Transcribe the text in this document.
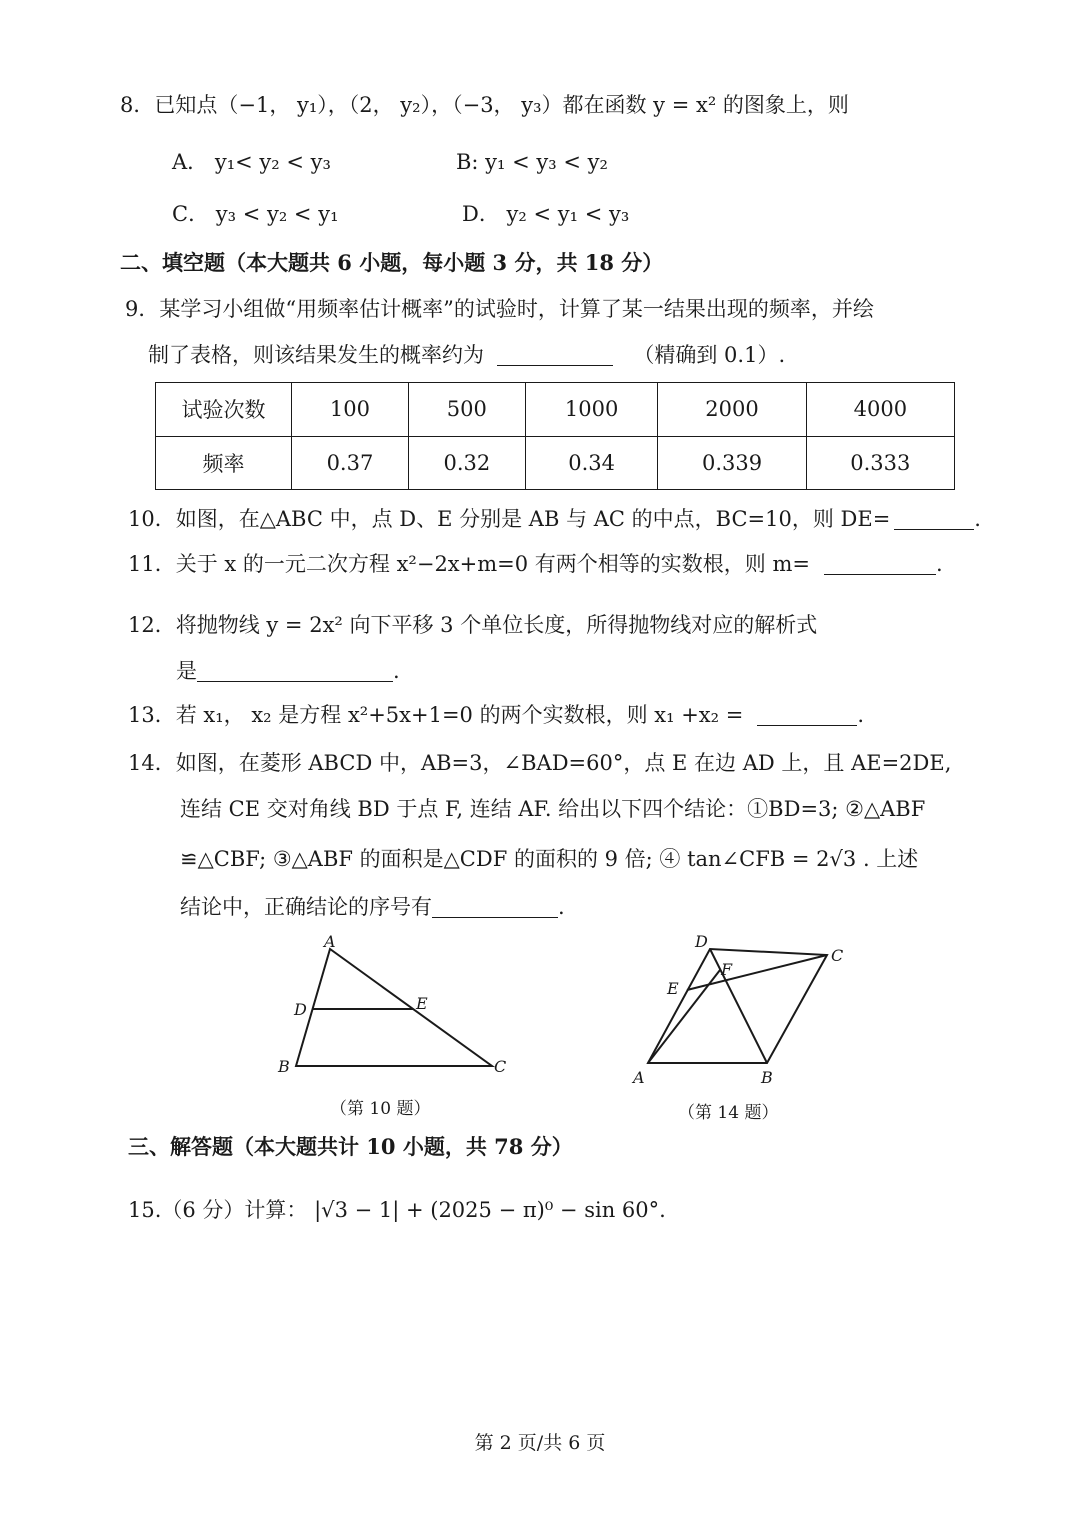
8．已知点（−1， y₁），（2， y₂），（−3， y₃）都在函数 y = x² 的图象上，则
A． y₁< y₂ < y₃	B: y₁ < y₃ < y₂
C． y₃ < y₂ < y₁	D． y₂ < y₁ < y₃
二、填空题（本大题共 6 小题，每小题 3 分，共 18 分）
9．某学习小组做“用频率估计概率”的试验时，计算了某一结果出现的频率，并绘
制了表格，则该结果发生的概率约为	（精确到 0.1）.
试验次数	100	500	1000	2000	4000
频率	0.37	0.32	0.34	0.339	0.333
10．如图，在△ABC 中，点 D、E 分别是 AB 与 AC 的中点，BC=10，则 DE=	.
11．关于 x 的一元二次方程 x²−2x+m=0 有两个相等的实数根，则 m=	.
12．将抛物线 y = 2x² 向下平移 3 个单位长度，所得抛物线对应的解析式
是	.
13．若 x₁， x₂ 是方程 x²+5x+1=0 的两个实数根，则 x₁ +x₂ =	.
14．如图，在菱形 ABCD 中，AB=3，∠BAD=60°，点 E 在边 AD 上，且 AE=2DE,
连结 CE 交对角线 BD 于点 F, 连结 AF. 给出以下四个结论：①BD=3; ②△ABF
≌△CBF; ③△ABF 的面积是△CDF 的面积的 9 倍; ④ tan∠CFB = 2√3 . 上述
结论中，正确结论的序号有	.
A
D	E
B	C
（第 10 题）
D
F
C
E
A	B
（第 14 题）
三、解答题（本大题共计 10 小题，共 78 分）
15.（6 分）计算： |√3 − 1| + (2025 − π)⁰ − sin 60°.
第 2 页/共 6 页
